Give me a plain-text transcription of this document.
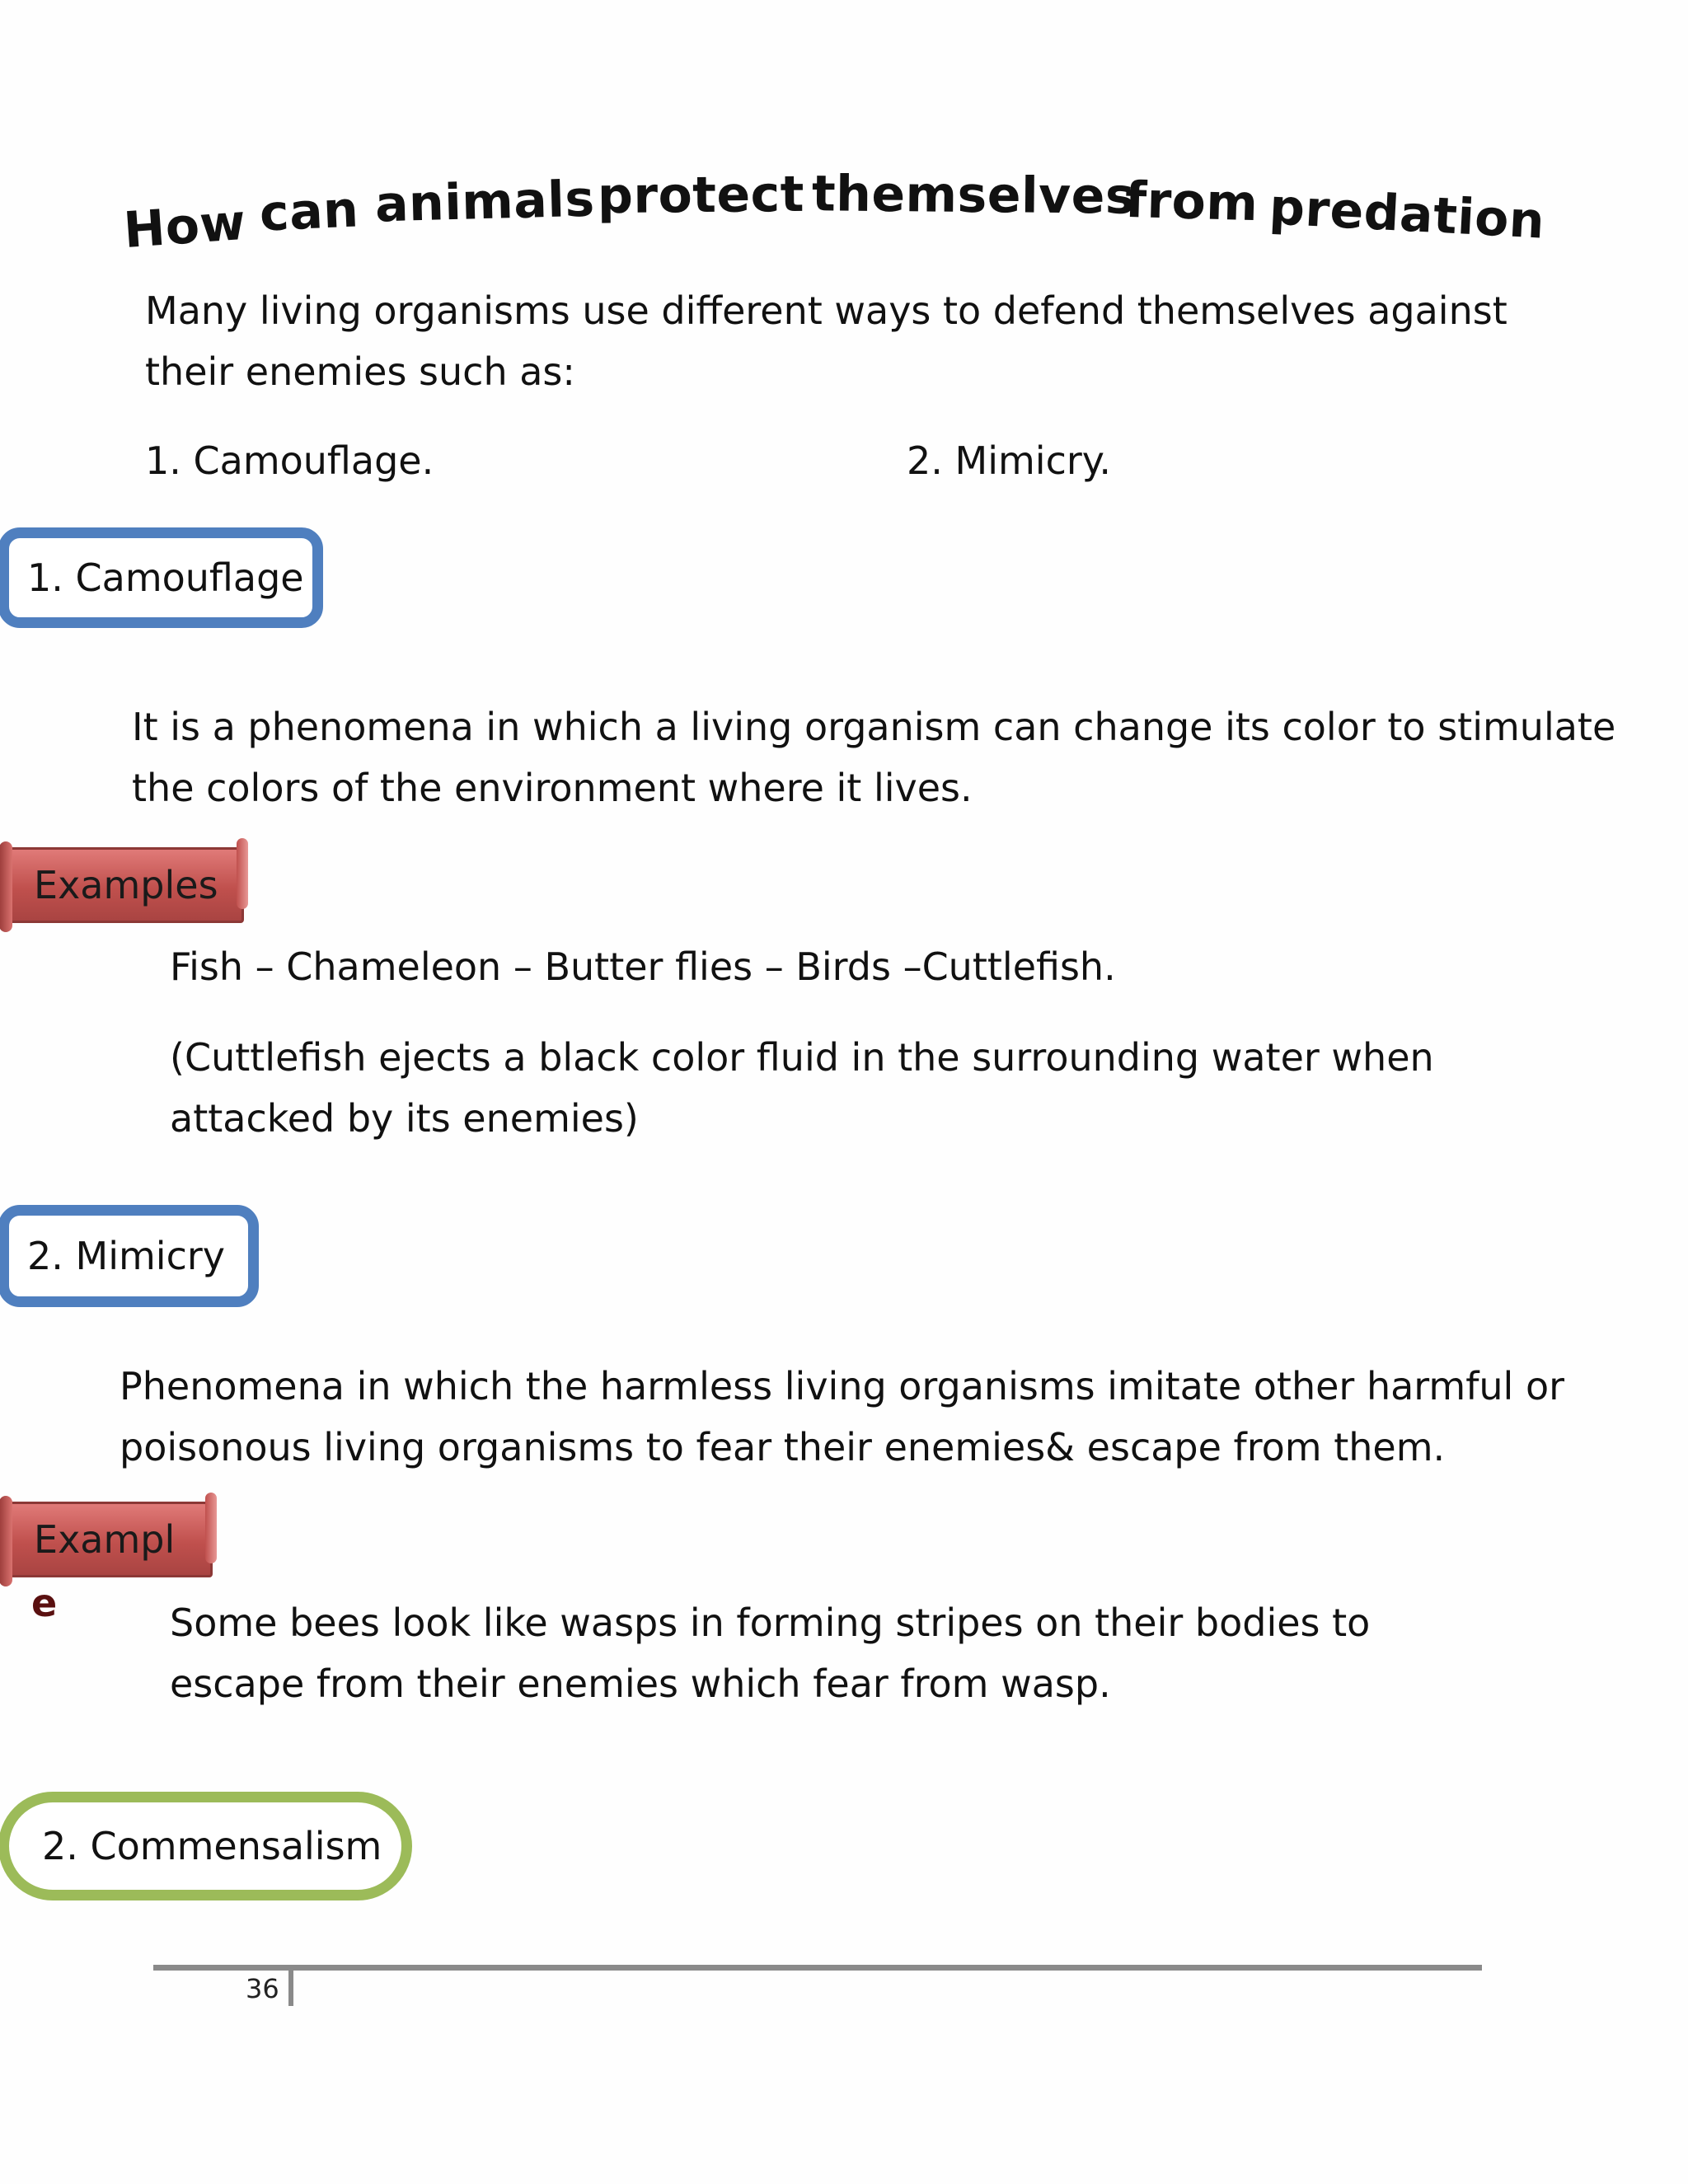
How can animals protect themselves
from predation
Many living organisms use different ways to defend themselves against
their enemies such as:
1. Camouflage.	2. Mimicry.
1. Camouflage
It is a phenomena in which a living organism can change its color to stimulate
the colors of the environment where it lives.
Examples
Fish – Chameleon – Butter flies – Birds –Cuttlefish.
(Cuttlefish ejects a black color fluid in the surrounding water when
attacked by its enemies)
2. Mimicry
Phenomena in which the harmless living organisms imitate other harmful or
poisonous living organisms to fear their enemies& escape from them.
Exampl
e	Some bees look like wasps in forming stripes on their bodies to
escape from their enemies which fear from wasp.
2. Commensalism
36
